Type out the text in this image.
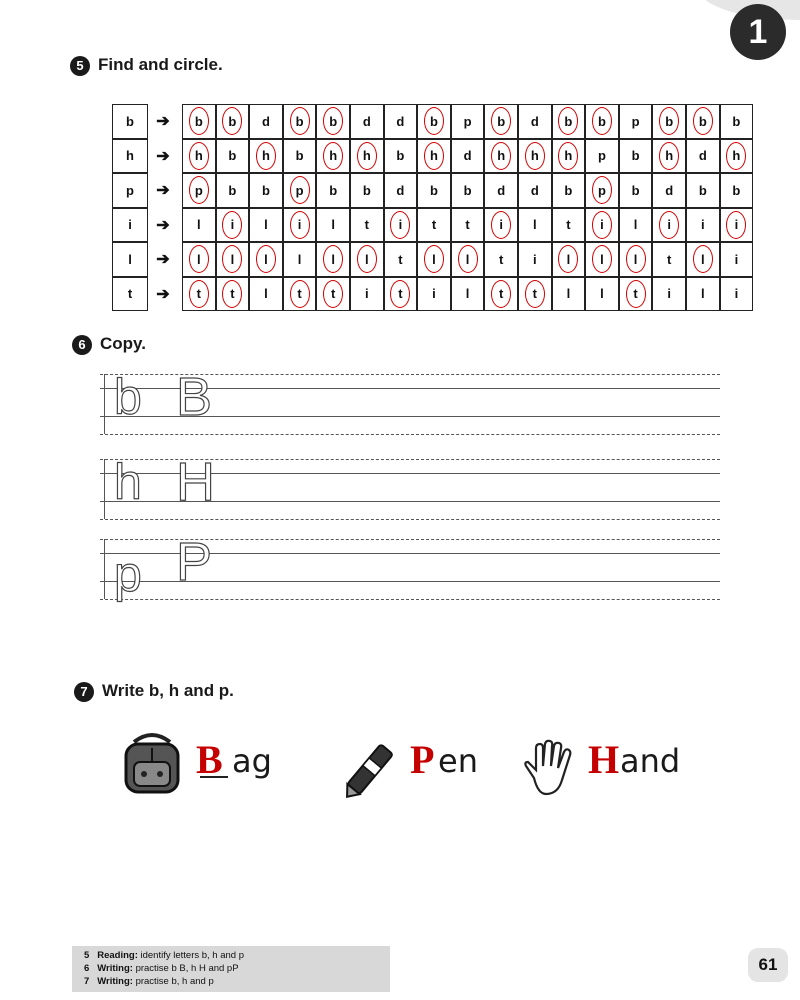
1
5 Find and circle.
b	➔	b b d b b d d b p b d b b p b b b
h	➔	h b h b h h b h d h h h p b h d h
p	➔	p b b p b b d b b d d b p b d b b
i	➔	l i l i l t i t t i l t i l i i i
l	➔	l l l l l l t l l t i l l l t l i
t	➔	t t l t t i t i l t t l l t i l i
6 Copy.
b B
h H
p P
7 Write b, h and p.
B ag	P en	H and
5 Reading: identify letters b, h and p
6 Writing: practise b B, h H and pP
7 Writing: practise b, h and p
61
